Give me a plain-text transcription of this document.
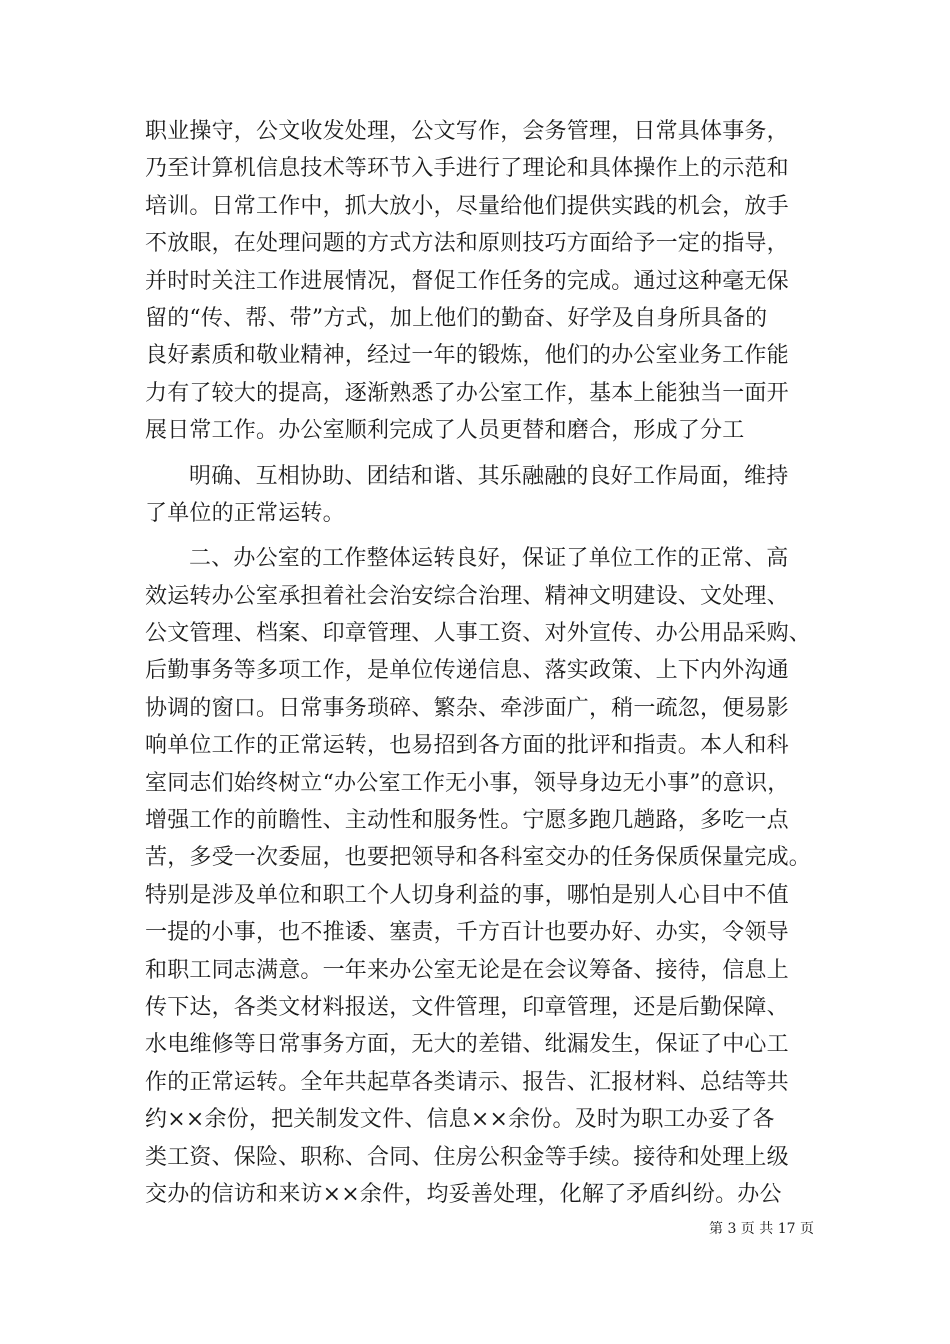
职业操守，公文收发处理，公文写作，会务管理，日常具体事务，
乃至计算机信息技术等环节入手进行了理论和具体操作上的示范和
培训。日常工作中，抓大放小，尽量给他们提供实践的机会，放手
不放眼，在处理问题的方式方法和原则技巧方面给予一定的指导，
并时时关注工作进展情况，督促工作任务的完成。通过这种毫无保
留的“传、帮、带”方式，加上他们的勤奋、好学及自身所具备的
良好素质和敬业精神，经过一年的锻炼，他们的办公室业务工作能
力有了较大的提高，逐渐熟悉了办公室工作，基本上能独当一面开
展日常工作。办公室顺利完成了人员更替和磨合，形成了分工
明确、互相协助、团结和谐、其乐融融的良好工作局面，维持
了单位的正常运转。
二、办公室的工作整体运转良好，保证了单位工作的正常、高
效运转办公室承担着社会治安综合治理、精神文明建设、文处理、
公文管理、档案、印章管理、人事工资、对外宣传、办公用品采购、
后勤事务等多项工作，是单位传递信息、落实政策、上下内外沟通
协调的窗口。日常事务琐碎、繁杂、牵涉面广，稍一疏忽，便易影
响单位工作的正常运转，也易招到各方面的批评和指责。本人和科
室同志们始终树立“办公室工作无小事，领导身边无小事”的意识，
增强工作的前瞻性、主动性和服务性。宁愿多跑几趟路，多吃一点
苦，多受一次委屈，也要把领导和各科室交办的任务保质保量完成。
特别是涉及单位和职工个人切身利益的事，哪怕是别人心目中不值
一提的小事，也不推诿、塞责，千方百计也要办好、办实，令领导
和职工同志满意。一年来办公室无论是在会议筹备、接待，信息上
传下达，各类文材料报送，文件管理，印章管理，还是后勤保障、
水电维修等日常事务方面，无大的差错、纰漏发生，保证了中心工
作的正常运转。全年共起草各类请示、报告、汇报材料、总结等共
约××余份，把关制发文件、信息××余份。及时为职工办妥了各
类工资、保险、职称、合同、住房公积金等手续。接待和处理上级
交办的信访和来访××余件，均妥善处理，化解了矛盾纠纷。办公
第 3 页 共 17 页
